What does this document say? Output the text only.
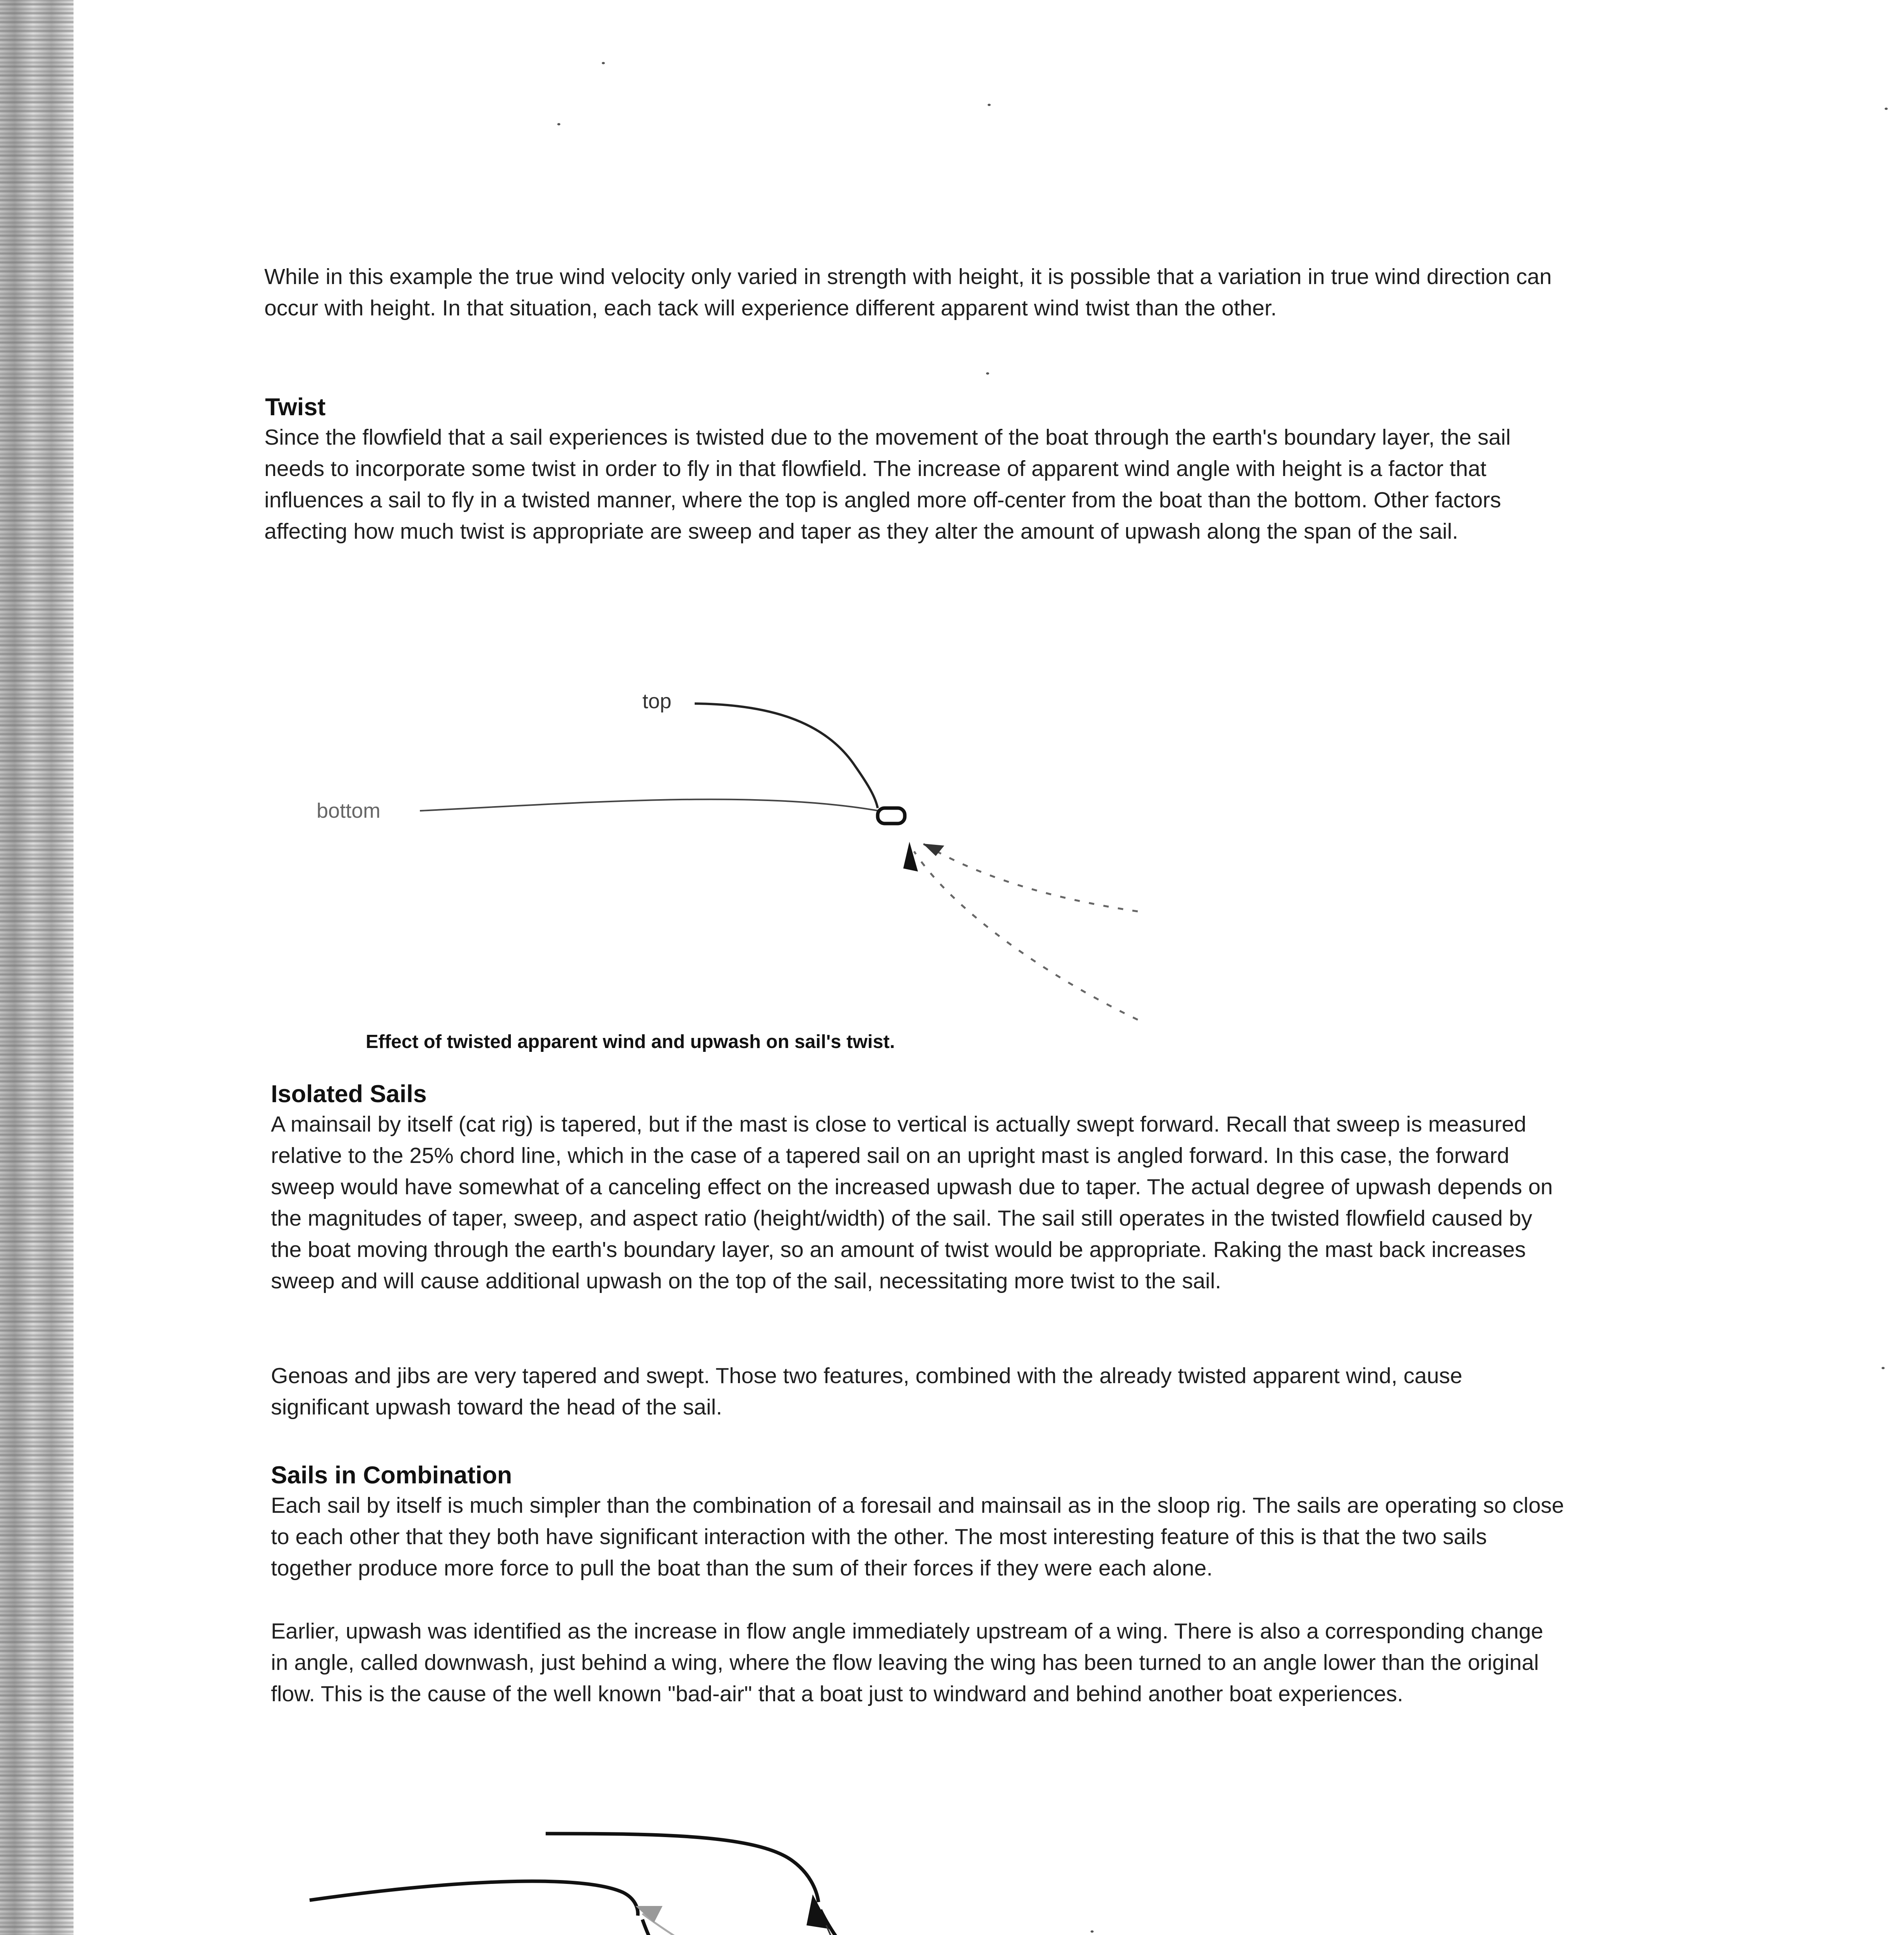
While in this example the true wind velocity only varied in strength with height, it is possible that a variation in true wind direction can occur with height. In that situation, each tack will experience different apparent wind twist than the other.

Twist

Since the flowfield that a sail experiences is twisted due to the movement of the boat through the earth's boundary layer, the sail needs to incorporate some twist in order to fly in that flowfield. The increase of apparent wind angle with height is a factor that influences a sail to fly in a twisted manner, where the top is angled more off-center from the boat than the bottom. Other factors affecting how much twist is appropriate are sweep and taper as they alter the amount of upwash along the span of the sail.

top
bottom
Effect of twisted apparent wind and upwash on sail's twist.
Isolated Sails

A mainsail by itself (cat rig) is tapered, but if the mast is close to vertical is actually swept forward. Recall that sweep is measured relative to the 25% chord line, which in the case of a tapered sail on an upright mast is angled forward. In this case, the forward sweep would have somewhat of a canceling effect on the increased upwash due to taper. The actual degree of upwash depends on the magnitudes of taper, sweep, and aspect ratio (height/width) of the sail. The sail still operates in the twisted flowfield caused by the boat moving through the earth's boundary layer, so an amount of twist would be appropriate. Raking the mast back increases sweep and will cause additional upwash on the top of the sail, necessitating more twist to the sail.

Genoas and jibs are very tapered and swept. Those two features, combined with the already twisted apparent wind, cause significant upwash toward the head of the sail.

Sails in Combination

Each sail by itself is much simpler than the combination of a foresail and mainsail as in the sloop rig. The sails are operating so close to each other that they both have significant interaction with the other. The most interesting feature of this is that the two sails together produce more force to pull the boat than the sum of their forces if they were each alone.

Earlier, upwash was identified as the increase in flow angle immediately upstream of a wing. There is also a corresponding change in angle, called downwash, just behind a wing, where the flow leaving the wing has been turned to an angle lower than the original flow. This is the cause of the well known "bad-air" that a boat just to windward and behind another boat experiences.
